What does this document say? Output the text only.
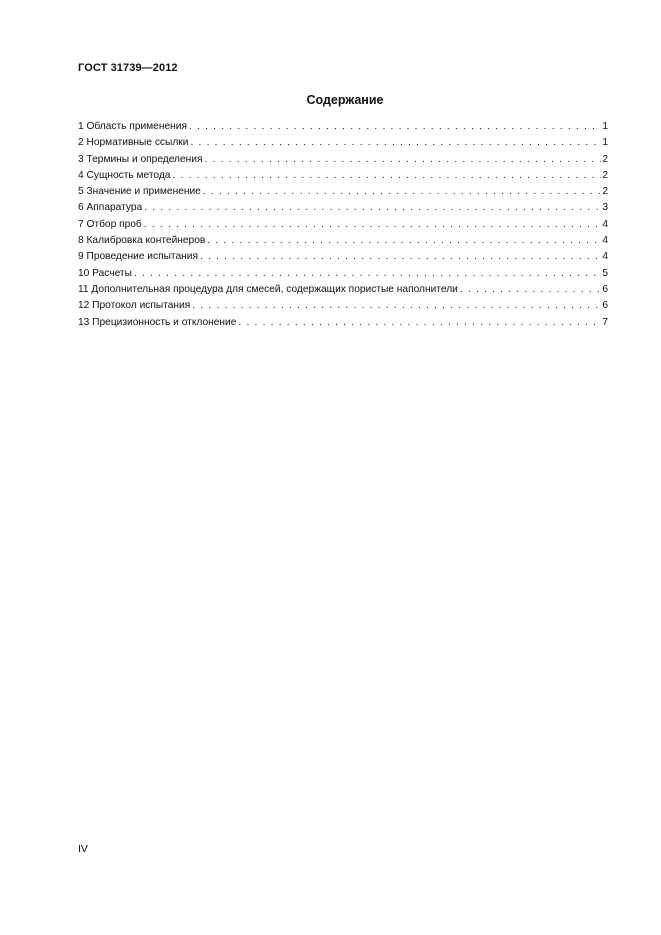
ГОСТ 31739—2012
Содержание
1 Область применения . . .	1
2 Нормативные ссылки . . .	1
3 Термины и определения . . .	2
4 Сущность метода . . .	2
5 Значение и применение . . .	2
6 Аппаратура . . .	3
7 Отбор проб . . .	4
8 Калибровка контейнеров . . .	4
9 Проведение испытания . . .	4
10 Расчеты . . .	5
11 Дополнительная процедура для смесей, содержащих пористые наполнители . . .	6
12 Протокол испытания . . .	6
13 Прецизионность и отклонение . . .	7
IV
